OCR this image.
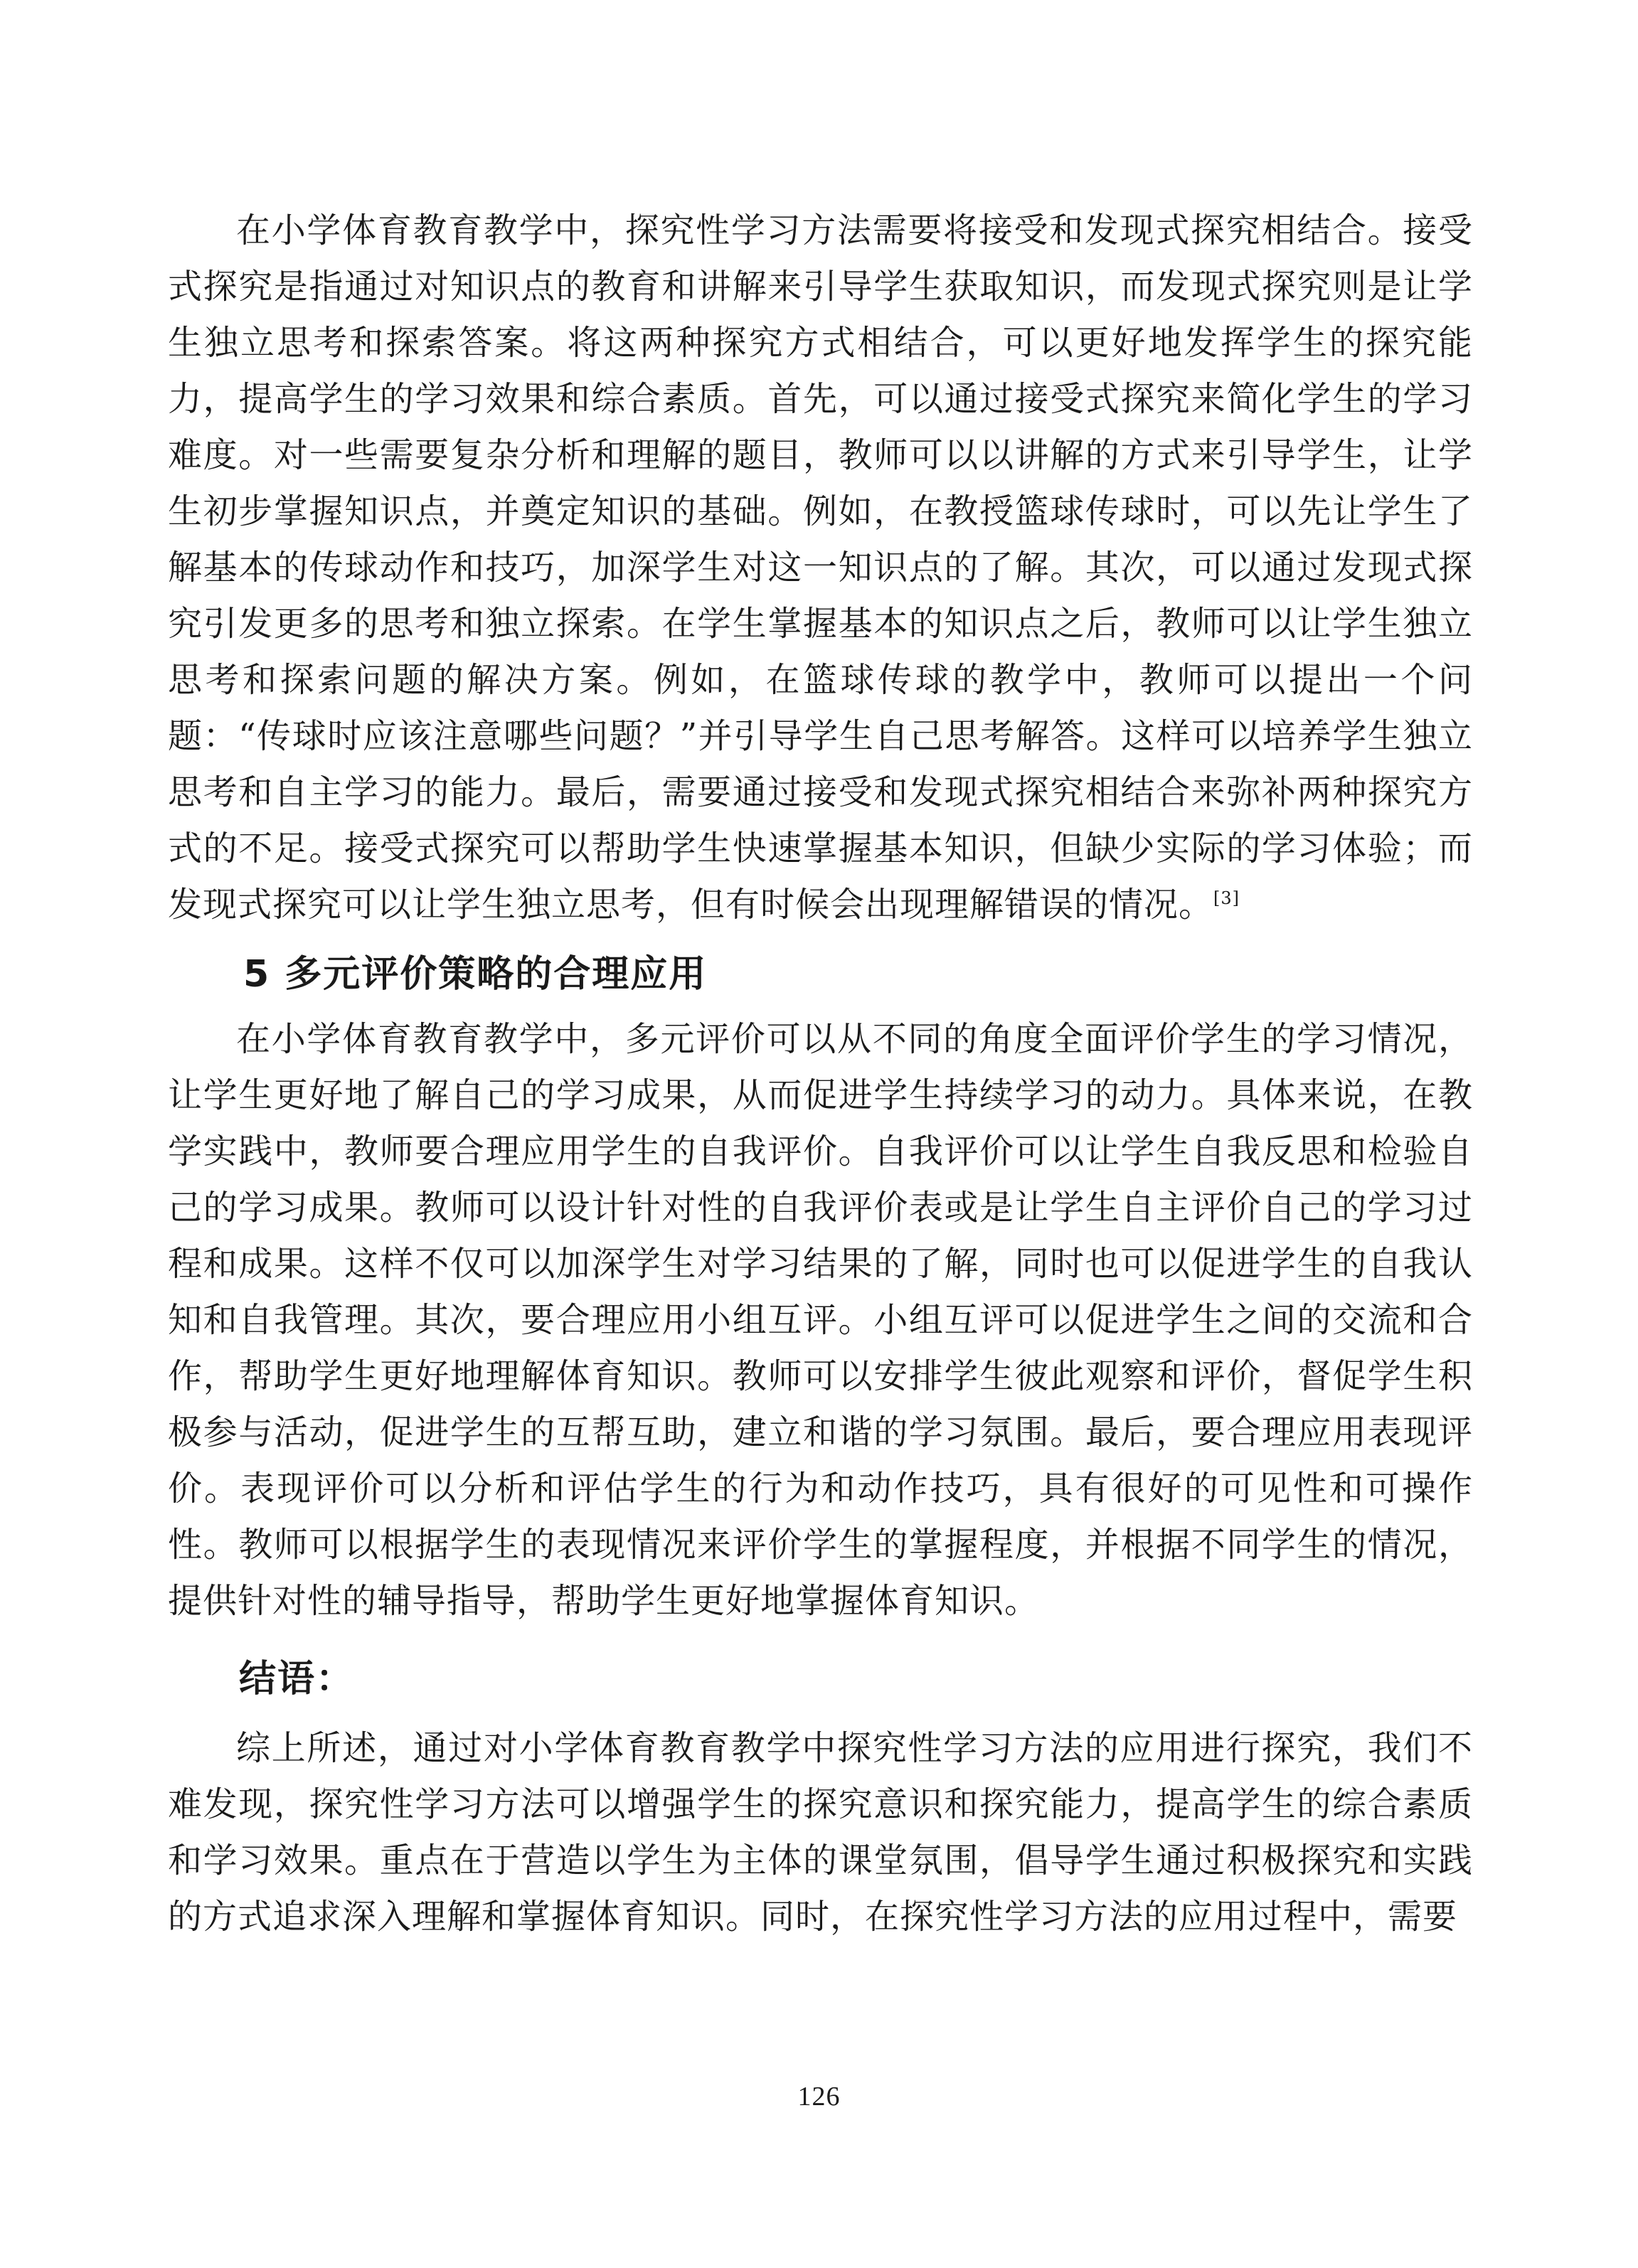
在小学体育教育教学中，探究性学习方法需要将接受和发现式探究相结合。接受式探究是指通过对知识点的教育和讲解来引导学生获取知识，而发现式探究则是让学生独立思考和探索答案。将这两种探究方式相结合，可以更好地发挥学生的探究能力，提高学生的学习效果和综合素质。首先，可以通过接受式探究来简化学生的学习难度。对一些需要复杂分析和理解的题目，教师可以以讲解的方式来引导学生，让学生初步掌握知识点，并奠定知识的基础。例如，在教授篮球传球时，可以先让学生了解基本的传球动作和技巧，加深学生对这一知识点的了解。其次，可以通过发现式探究引发更多的思考和独立探索。在学生掌握基本的知识点之后，教师可以让学生独立思考和探索问题的解决方案。例如，在篮球传球的教学中，教师可以提出一个问题：“传球时应该注意哪些问题？”并引导学生自己思考解答。这样可以培养学生独立思考和自主学习的能力。最后，需要通过接受和发现式探究相结合来弥补两种探究方式的不足。接受式探究可以帮助学生快速掌握基本知识，但缺少实际的学习体验；而发现式探究可以让学生独立思考，但有时候会出现理解错误的情况。[3]

5 多元评价策略的合理应用

在小学体育教育教学中，多元评价可以从不同的角度全面评价学生的学习情况，让学生更好地了解自己的学习成果，从而促进学生持续学习的动力。具体来说，在教学实践中，教师要合理应用学生的自我评价。自我评价可以让学生自我反思和检验自己的学习成果。教师可以设计针对性的自我评价表或是让学生自主评价自己的学习过程和成果。这样不仅可以加深学生对学习结果的了解，同时也可以促进学生的自我认知和自我管理。其次，要合理应用小组互评。小组互评可以促进学生之间的交流和合作，帮助学生更好地理解体育知识。教师可以安排学生彼此观察和评价，督促学生积极参与活动，促进学生的互帮互助，建立和谐的学习氛围。最后，要合理应用表现评价。表现评价可以分析和评估学生的行为和动作技巧，具有很好的可见性和可操作性。教师可以根据学生的表现情况来评价学生的掌握程度，并根据不同学生的情况，提供针对性的辅导指导，帮助学生更好地掌握体育知识。

结语：

综上所述，通过对小学体育教育教学中探究性学习方法的应用进行探究，我们不难发现，探究性学习方法可以增强学生的探究意识和探究能力，提高学生的综合素质和学习效果。重点在于营造以学生为主体的课堂氛围，倡导学生通过积极探究和实践的方式追求深入理解和掌握体育知识。同时，在探究性学习方法的应用过程中，需要

126
